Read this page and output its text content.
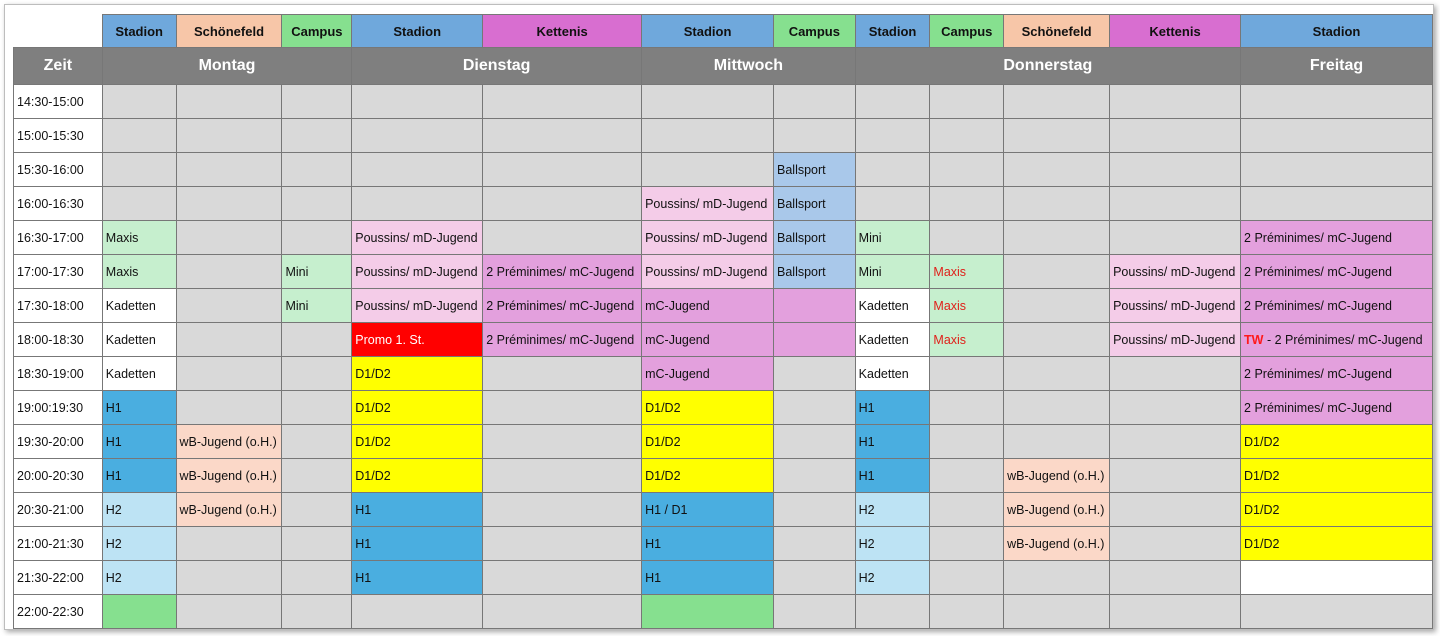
	Stadion	Schönefeld	Campus	Stadion	Kettenis	Stadion	Campus	Stadion	Campus	Schönefeld	Kettenis	Stadion
Zeit	Montag			Dienstag		Mittwoch		Donnerstag				Freitag
14:30-15:00												
15:00-15:30												
15:30-16:00							Ballsport					
16:00-16:30						Poussins/ mD-Jugend	Ballsport					
16:30-17:00	Maxis			Poussins/ mD-Jugend		Poussins/ mD-Jugend	Ballsport	Mini				2 Préminimes/ mC-Jugend
17:00-17:30	Maxis		Mini	Poussins/ mD-Jugend	2 Préminimes/ mC-Jugend	Poussins/ mD-Jugend	Ballsport	Mini	Maxis		Poussins/ mD-Jugend	2 Préminimes/ mC-Jugend
17:30-18:00	Kadetten		Mini	Poussins/ mD-Jugend	2 Préminimes/ mC-Jugend	mC-Jugend		Kadetten	Maxis		Poussins/ mD-Jugend	2 Préminimes/ mC-Jugend
18:00-18:30	Kadetten			Promo 1. St.	2 Préminimes/ mC-Jugend	mC-Jugend		Kadetten	Maxis		Poussins/ mD-Jugend	TW - 2 Préminimes/ mC-Jugend
18:30-19:00	Kadetten			D1/D2		mC-Jugend		Kadetten				2 Préminimes/ mC-Jugend
19:00:19:30	H1			D1/D2		D1/D2		H1				2 Préminimes/ mC-Jugend
19:30-20:00	H1	wB-Jugend (o.H.)		D1/D2		D1/D2		H1				D1/D2
20:00-20:30	H1	wB-Jugend (o.H.)		D1/D2		D1/D2		H1		wB-Jugend (o.H.)		D1/D2
20:30-21:00	H2	wB-Jugend (o.H.)		H1		H1 / D1		H2		wB-Jugend (o.H.)		D1/D2
21:00-21:30	H2			H1		H1		H2		wB-Jugend (o.H.)		D1/D2
21:30-22:00	H2			H1		H1		H2				
22:00-22:30												
